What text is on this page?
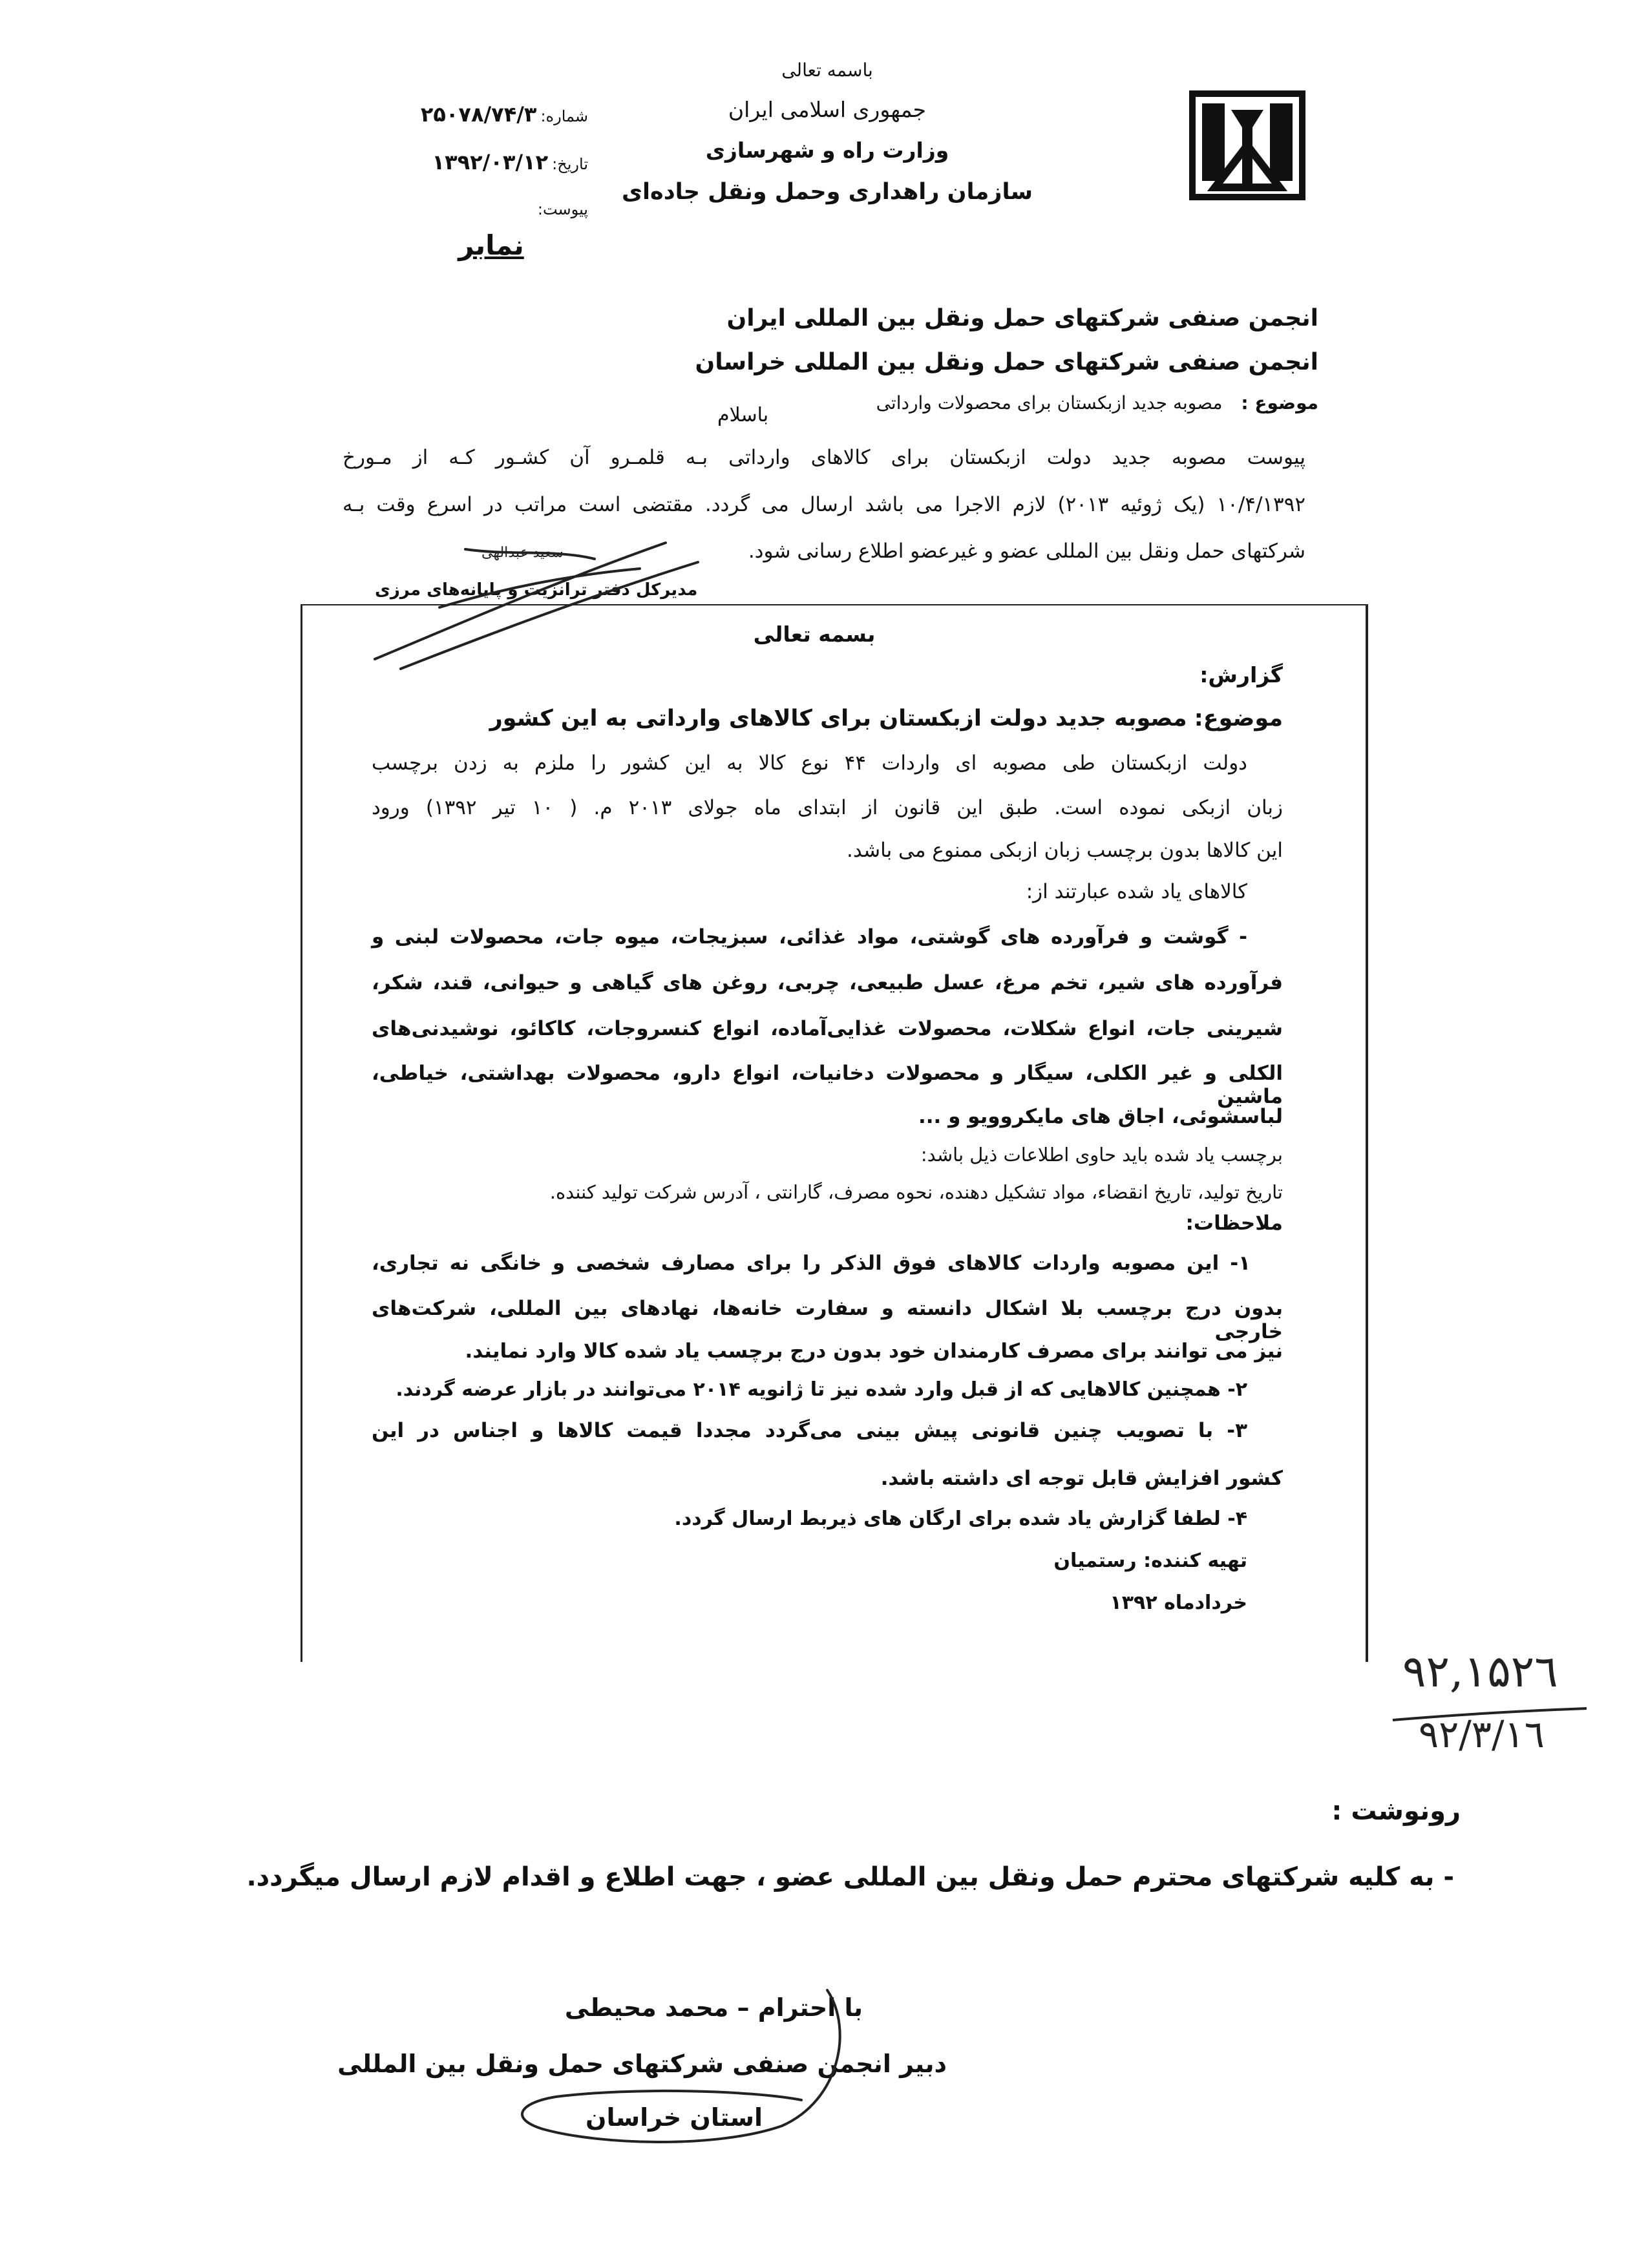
باسمه تعالی
جمهوری اسلامی ایران
وزارت راه و شهرسازی
سازمان راهداری وحمل ونقل جاده‌ای
شماره:٢۵٠٧٨/٧۴/٣
تاریخ:١٣٩٢/٠٣/١٢
پیوست:
نمابر
انجمن صنفی شرکتهای حمل ونقل بین المللی ایران
انجمن صنفی شرکتهای حمل ونقل بین المللی خراسان
موضوع : مصوبه جدید ازبکستان برای محصولات وارداتی
باسلام
پیوست مصوبه جدید دولت ازبکستان برای کالاهای وارداتی بـه قلمـرو آن کشـور کـه از مـورخ
١٣٩٢/۴/١٠ (یک ژوئیه ٢٠١٣) لازم الاجرا می باشد ارسال می گردد. مقتضی است مراتب در اسرع وقت بـه
شرکتهای حمل ونقل بین المللی عضو و غیرعضو اطلاع رسانی شود.
سعید عبدالهی
مدیرکل دفتر ترانزیت و پایانه‌های مرزی
بسمه تعالی
گزارش:
موضوع: مصوبه جدید دولت ازبکستان برای کالاهای وارداتی به این کشور
دولت ازبکستان طی مصوبه ای واردات ۴۴ نوع کالا به این کشور را ملزم به زدن برچسب
زبان ازبکی نموده است. طبق این قانون از ابتدای ماه جولای ٢٠١٣ م. ( ١٠ تیر ١٣٩٢) ورود
این کالاها بدون برچسب زبان ازبکی ممنوع می باشد.
کالاهای یاد شده عبارتند از:
- گوشت و فرآورده های گوشتی، مواد غذائی، سبزیجات، میوه جات، محصولات لبنی و
فرآورده های شیر، تخم مرغ، عسل طبیعی، چربی، روغن های گیاهی و حیوانی، قند، شکر،
شیرینی جات، انواع شکلات، محصولات غذایی‌آماده، انواع کنسروجات، کاکائو، نوشیدنی‌های
الکلی و غیر الکلی، سیگار و محصولات دخانیات، انواع دارو، محصولات بهداشتی، خیاطی، ماشین
لباسشوئی، اجاق های مایکروویو و ...
برچسب یاد شده باید حاوی اطلاعات ذیل باشد:
تاریخ تولید، تاریخ انقضاء، مواد تشکیل دهنده، نحوه مصرف، گارانتی ، آدرس شرکت تولید کننده.
ملاحظات:
١- این مصوبه واردات کالاهای فوق الذکر را برای مصارف شخصی و خانگی نه تجاری،
بدون درج برچسب بلا اشکال دانسته و سفارت خانه‌ها، نهادهای بین المللی، شرکت‌های خارجی
نیز می توانند برای مصرف کارمندان خود بدون درج برچسب یاد شده کالا وارد نمایند.
٢- همچنین کالاهایی که از قبل وارد شده نیز تا ژانویه ٢٠١۴ می‌توانند در بازار عرضه گردند.
٣- با تصویب چنین قانونی پیش بینی می‌گردد مجددا قیمت کالاها و اجناس در این
کشور افزایش قابل توجه ای داشته باشد.
۴- لطفا گزارش یاد شده برای ارگان های ذیربط ارسال گردد.
تهیه کننده: رستمیان
خردادماه ١٣٩٢
٩٢,١۵٢٦
٩٢/٣/١٦
رونوشت :
- به کلیه شرکتهای محترم حمل ونقل بین المللی عضو ، جهت اطلاع و اقدام لازم ارسال میگردد.
با احترام – محمد محیطی
دبیر انجمن صنفی شرکتهای حمل ونقل بین المللی
استان خراسان
